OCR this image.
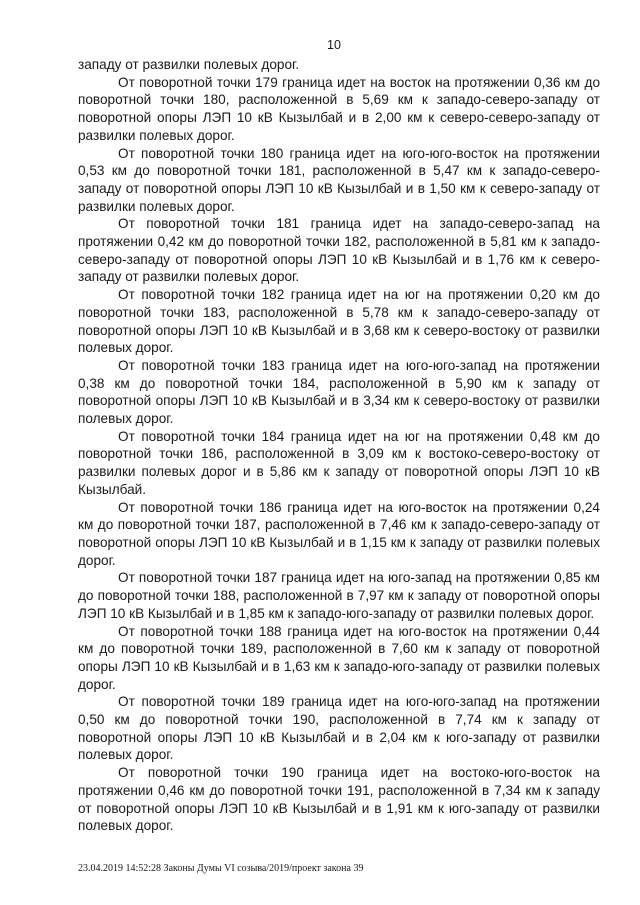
10

западу от развилки полевых дорог.

От поворотной точки 179 граница идет на восток на протяжении 0,36 км до поворотной точки 180, расположенной в 5,69 км к западо-северо-западу от поворотной опоры ЛЭП 10 кВ Кызылбай и в 2,00 км к северо-северо-западу от развилки полевых дорог.

От поворотной точки 180 граница идет на юго-юго-восток на протяжении 0,53 км до поворотной точки 181, расположенной в 5,47 км к западо-северо-западу от поворотной опоры ЛЭП 10 кВ Кызылбай и в 1,50 км к северо-западу от развилки полевых дорог.

От поворотной точки 181 граница идет на западо-северо-запад на протяжении 0,42 км до поворотной точки 182, расположенной в 5,81 км к западо-северо-западу от поворотной опоры ЛЭП 10 кВ Кызылбай и в 1,76 км к северо-западу от развилки полевых дорог.

От поворотной точки 182 граница идет на юг на протяжении 0,20 км до поворотной точки 183, расположенной в 5,78 км к западо-северо-западу от поворотной опоры ЛЭП 10 кВ Кызылбай и в 3,68 км к северо-востоку от развилки полевых дорог.

От поворотной точки 183 граница идет на юго-юго-запад на протяжении 0,38 км до поворотной точки 184, расположенной в 5,90 км к западу от поворотной опоры ЛЭП 10 кВ Кызылбай и в 3,34 км к северо-востоку от развилки полевых дорог.

От поворотной точки 184 граница идет на юг на протяжении 0,48 км до поворотной точки 186, расположенной в 3,09 км к востоко-северо-востоку от развилки полевых дорог и в 5,86 км к западу от поворотной опоры ЛЭП 10 кВ Кызылбай.

От поворотной точки 186 граница идет на юго-восток на протяжении 0,24 км до поворотной точки 187, расположенной в 7,46 км к западо-северо-западу от поворотной опоры ЛЭП 10 кВ Кызылбай и в 1,15 км к западу от развилки полевых дорог.

От поворотной точки 187 граница идет на юго-запад на протяжении 0,85 км до поворотной точки 188, расположенной в 7,97 км к западу от поворотной опоры ЛЭП 10 кВ Кызылбай и в 1,85 км к западо-юго-западу от развилки полевых дорог.

От поворотной точки 188 граница идет на юго-восток на протяжении 0,44 км до поворотной точки 189, расположенной в 7,60 км к западу от поворотной опоры ЛЭП 10 кВ Кызылбай и в 1,63 км к западо-юго-западу от развилки полевых дорог.

От поворотной точки 189 граница идет на юго-юго-запад на протяжении 0,50 км до поворотной точки 190, расположенной в 7,74 км к западу от поворотной опоры ЛЭП 10 кВ Кызылбай и в 2,04 км к юго-западу от развилки полевых дорог.

От поворотной точки 190 граница идет на востоко-юго-восток на протяжении 0,46 км до поворотной точки 191, расположенной в 7,34 км к западу от поворотной опоры ЛЭП 10 кВ Кызылбай и в 1,91 км к юго-западу от развилки полевых дорог.

23.04.2019 14:52:28 Законы Думы VI созыва/2019/проект закона 39
